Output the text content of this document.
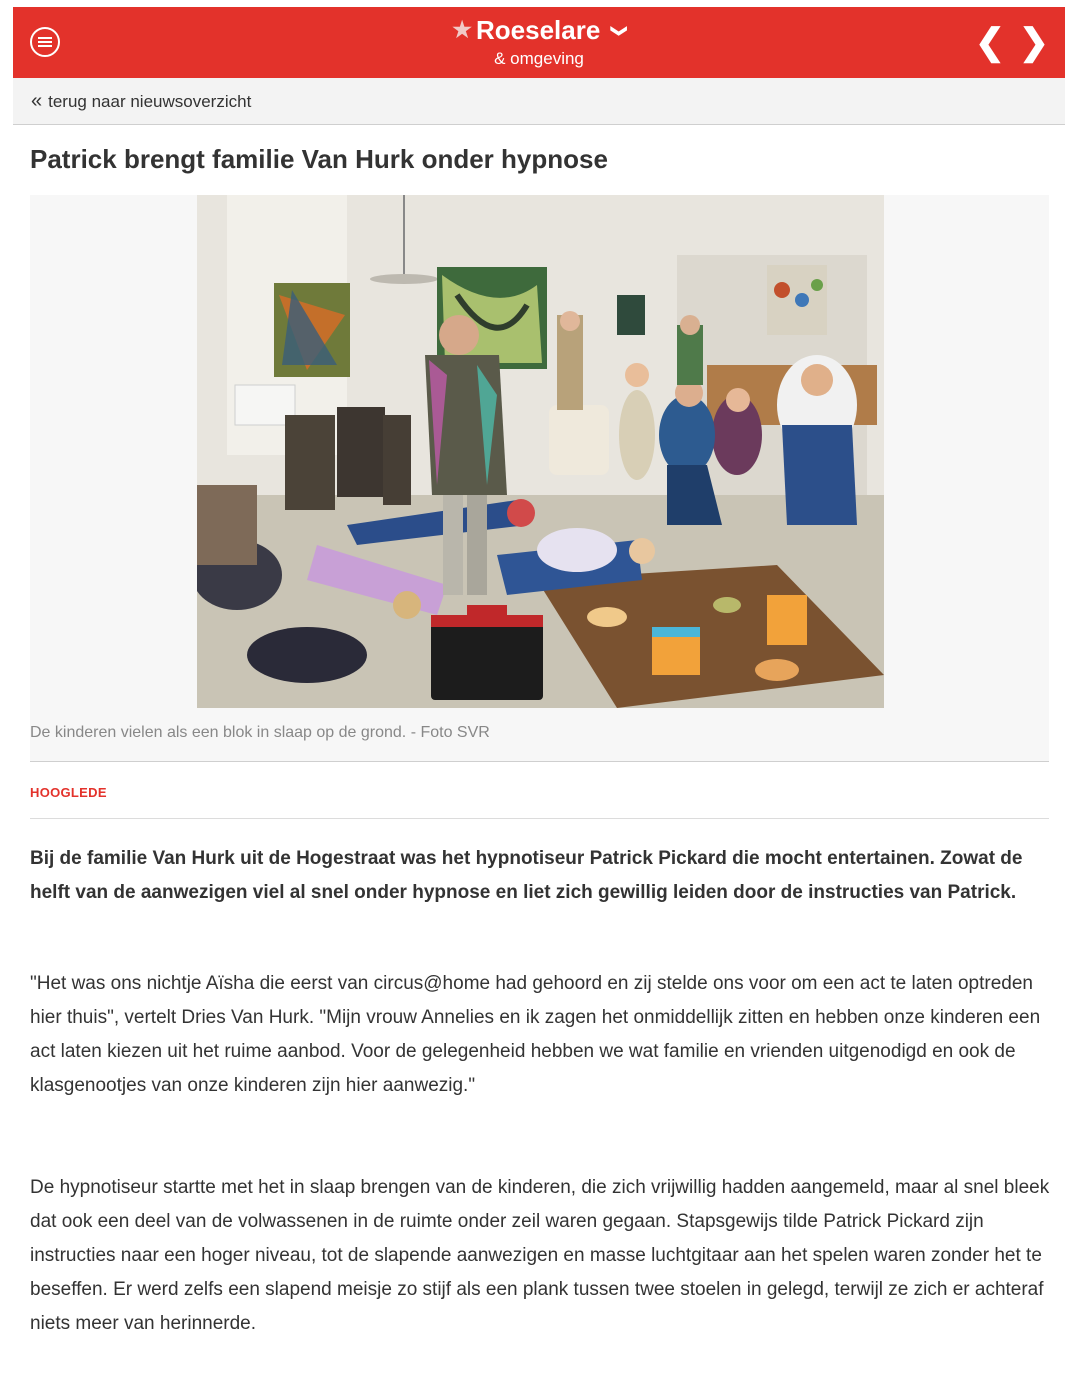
★ Roeselare ❯
& omgeving	❮ ❯
« terug naar nieuwsoverzicht
Patrick brengt familie Van Hurk onder hypnose
De kinderen vielen als een blok in slaap op de grond. - Foto SVR
HOOGLEDE

Bij de familie Van Hurk uit de Hogestraat was het hypnotiseur Patrick Pickard die mocht entertainen. Zowat de helft van de aanwezigen viel al snel onder hypnose en liet zich gewillig leiden door de instructies van Patrick.

"Het was ons nichtje Aïsha die eerst van circus@home had gehoord en zij stelde ons voor om een act te laten optreden hier thuis", vertelt Dries Van Hurk. "Mijn vrouw Annelies en ik zagen het onmiddellijk zitten en hebben onze kinderen een act laten kiezen uit het ruime aanbod. Voor de gelegenheid hebben we wat familie en vrienden uitgenodigd en ook de klasgenootjes van onze kinderen zijn hier aanwezig."

De hypnotiseur startte met het in slaap brengen van de kinderen, die zich vrijwillig hadden aangemeld, maar al snel bleek dat ook een deel van de volwassenen in de ruimte onder zeil waren gegaan. Stapsgewijs tilde Patrick Pickard zijn instructies naar een hoger niveau, tot de slapende aanwezigen en masse luchtgitaar aan het spelen waren zonder het te beseffen. Er werd zelfs een slapend meisje zo stijf als een plank tussen twee stoelen in gelegd, terwijl ze zich er achteraf niets meer van herinnerde.
